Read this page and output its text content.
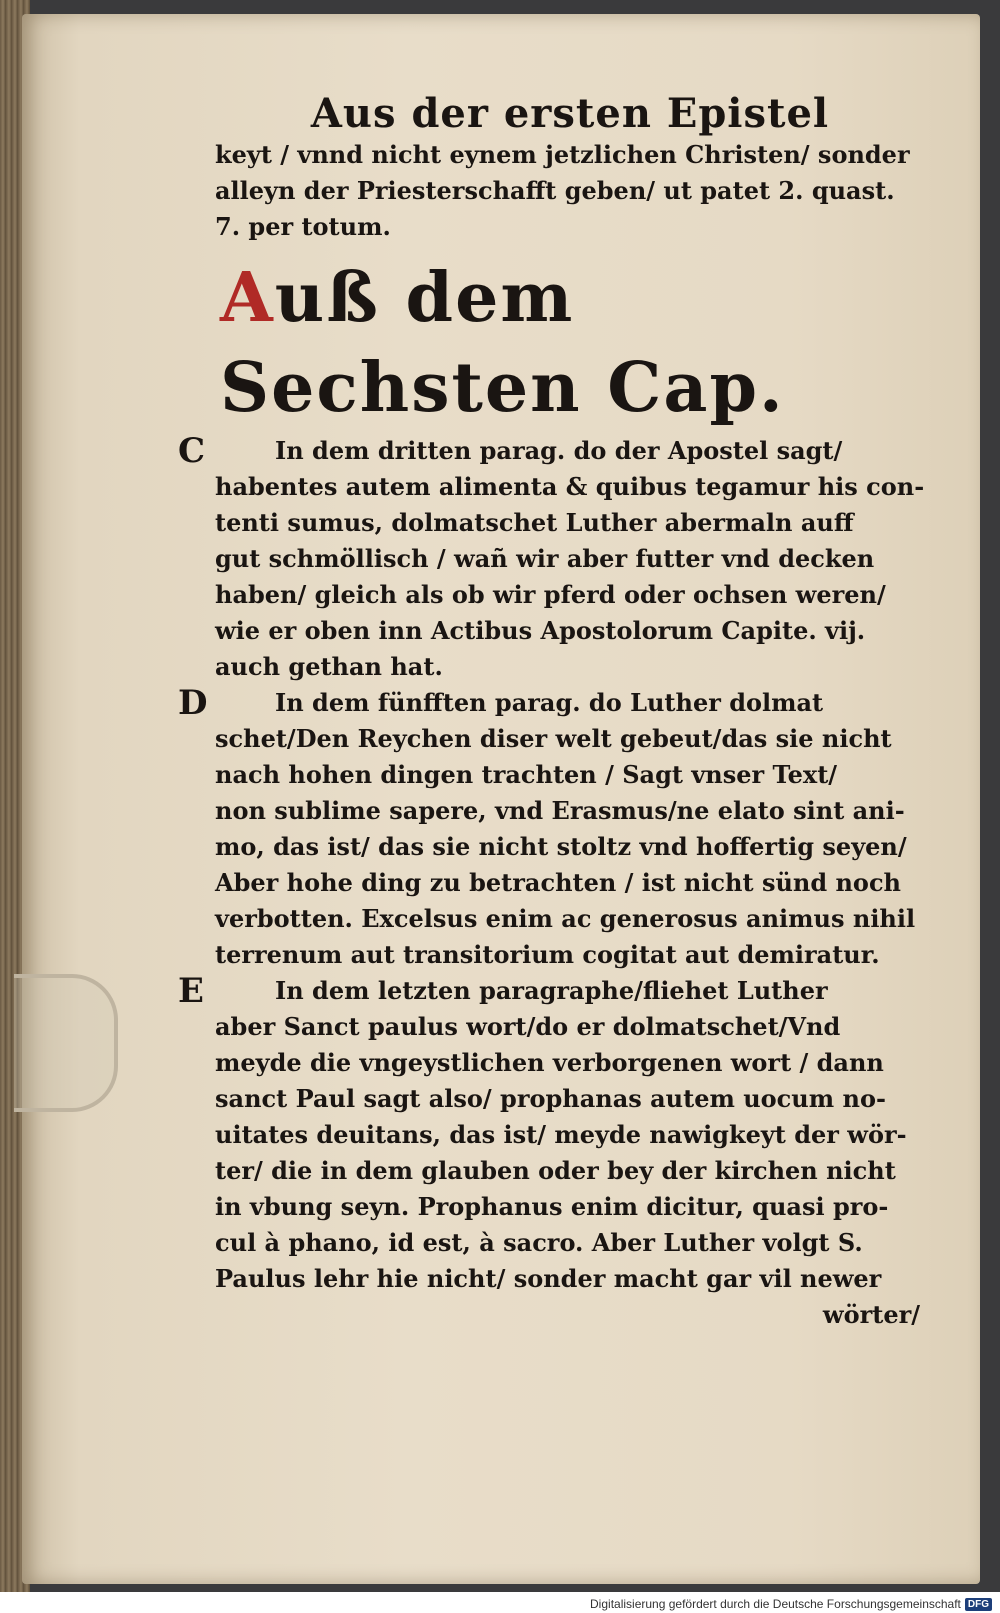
Aus der ersten Epistel
keyt / vnnd nicht eynem jetzlichen Christen/ sonder
alleyn der Priesterschafft geben/ ut patet 2. quast.
7. per totum.
Auß dem Sechsten Cap.
C	In dem dritten parag. do der Apostel sagt/
habentes autem alimenta & quibus tegamur his con-
tenti sumus, dolmatschet Luther abermaln auff
gut schmöllisch / wañ wir aber futter vnd decken
haben/ gleich als ob wir pferd oder ochsen weren/
wie er oben inn Actibus Apostolorum Capite. vij.
auch gethan hat.
D	In dem fünfften parag. do Luther dolmat
schet/Den Reychen diser welt gebeut/das sie nicht
nach hohen dingen trachten / Sagt vnser Text/
non sublime sapere, vnd Erasmus/ne elato sint ani-
mo, das ist/ das sie nicht stoltz vnd hoffertig seyen/
Aber hohe ding zu betrachten / ist nicht sünd noch
verbotten. Excelsus enim ac generosus animus nihil
terrenum aut transitorium cogitat aut demiratur.
E	In dem letzten paragraphe/fliehet Luther
aber Sanct paulus wort/do er dolmatschet/Vnd
meyde die vngeystlichen verborgenen wort / dann
sanct Paul sagt also/ prophanas autem uocum no-
uitates deuitans, das ist/ meyde nawigkeyt der wör-
ter/ die in dem glauben oder bey der kirchen nicht
in vbung seyn. Prophanus enim dicitur, quasi pro-
cul à phano, id est, à sacro. Aber Luther volgt S.
Paulus lehr hie nicht/ sonder macht gar vil newer
wörter/
Digitalisierung gefördert durch die Deutsche Forschungsgemeinschaft DFG
